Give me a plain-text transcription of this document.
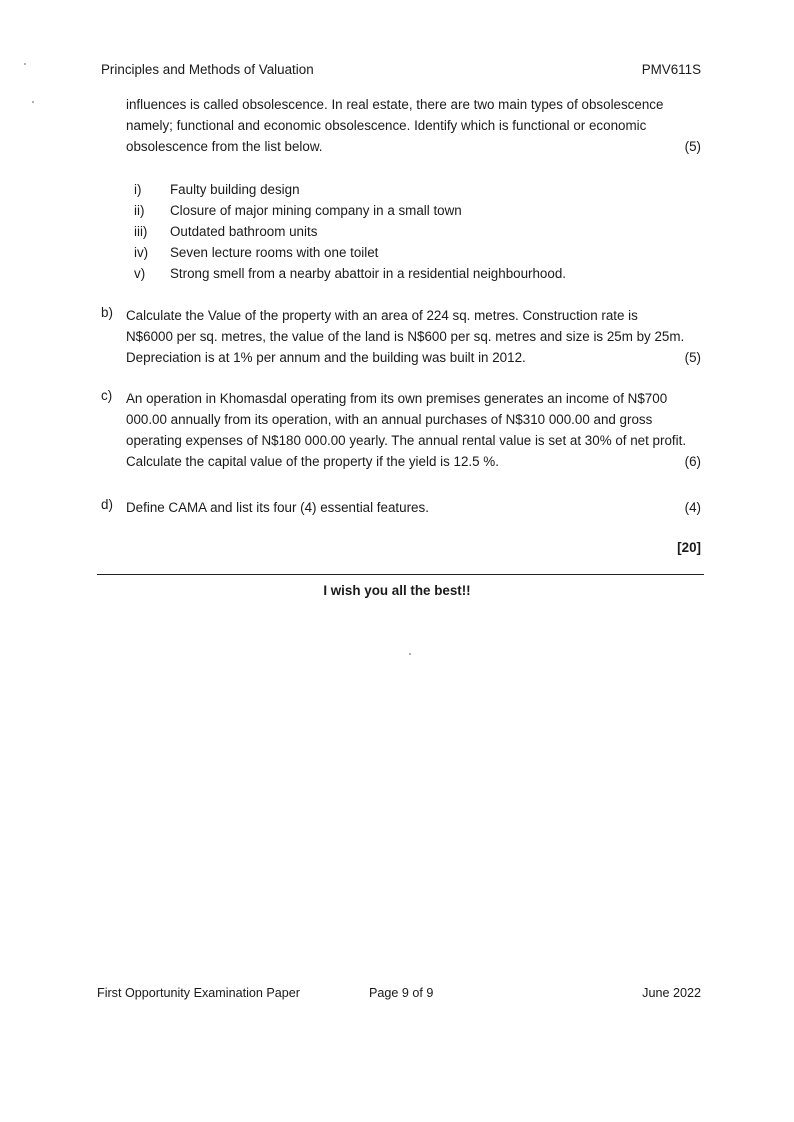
Principles and Methods of Valuation	PMV611S
influences is called obsolescence. In real estate, there are two main types of obsolescence
namely; functional and economic obsolescence. Identify which is functional or economic
obsolescence from the list below.	(5)
i)	Faulty building design
ii)	Closure of major mining company in a small town
iii)	Outdated bathroom units
iv)	Seven lecture rooms with one toilet
v)	Strong smell from a nearby abattoir in a residential neighbourhood.
b) Calculate the Value of the property with an area of 224 sq. metres. Construction rate is
N$6000 per sq. metres, the value of the land is N$600 per sq. metres and size is 25m by 25m.
Depreciation is at 1% per annum and the building was built in 2012.	(5)
c) An operation in Khomasdal operating from its own premises generates an income of N$700
000.00 annually from its operation, with an annual purchases of N$310 000.00 and gross
operating expenses of N$180 000.00 yearly. The annual rental value is set at 30% of net profit.
Calculate the capital value of the property if the yield is 12.5 %.	(6)
d) Define CAMA and list its four (4) essential features.	(4)
[20]
I wish you all the best!!
First Opportunity Examination Paper	Page 9 of 9	June 2022
